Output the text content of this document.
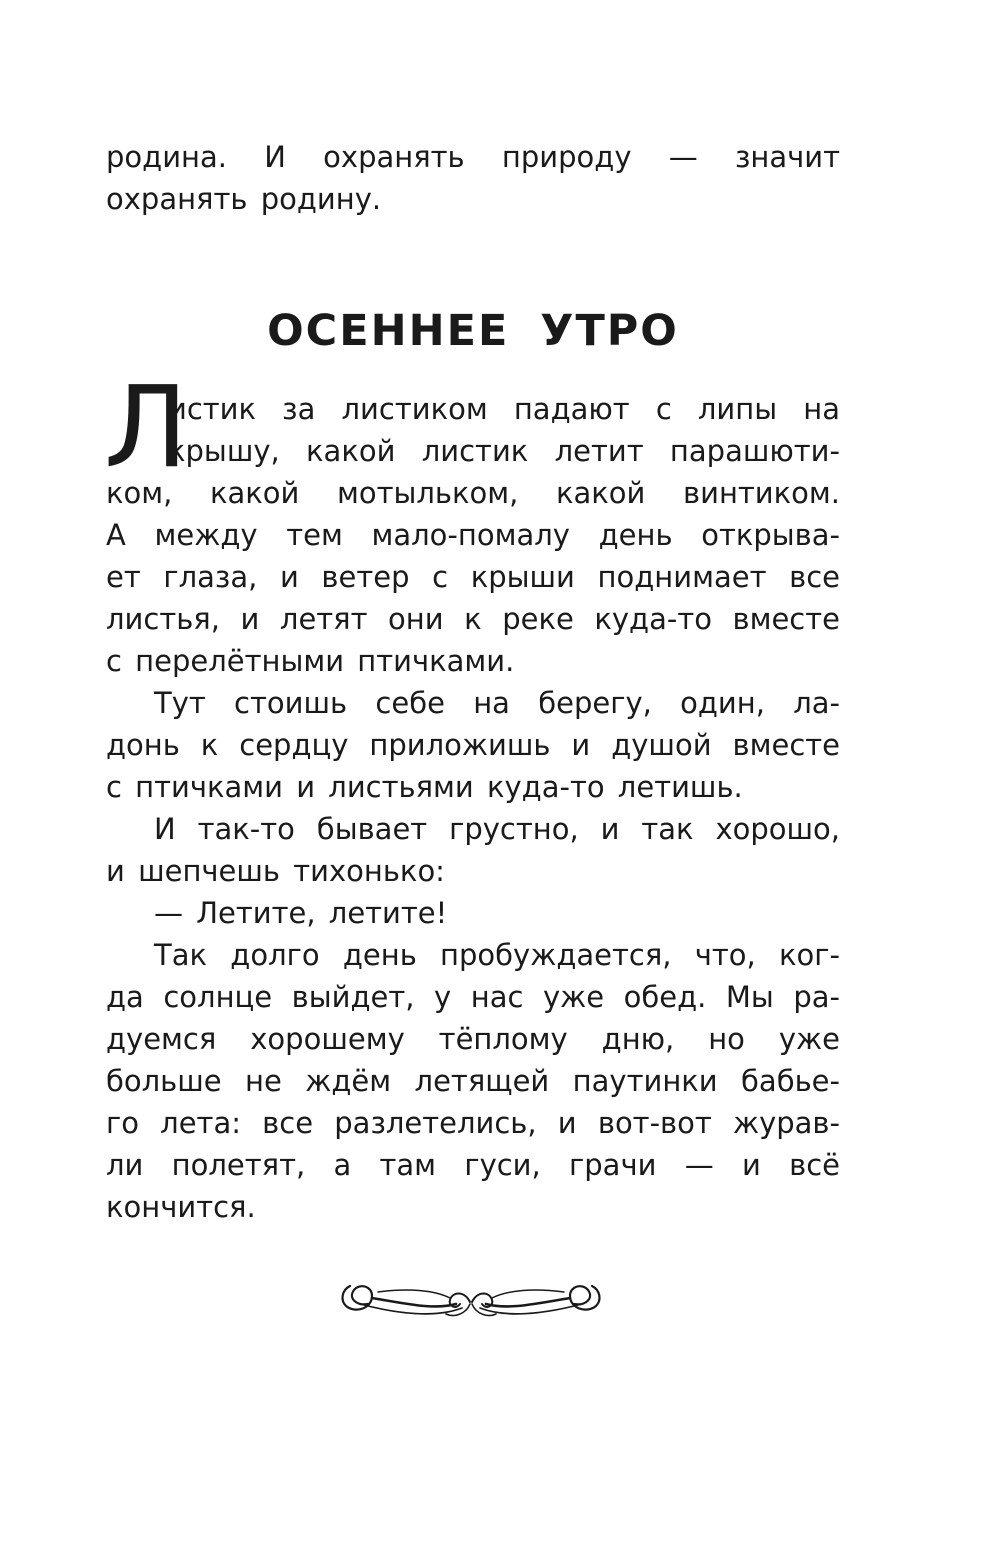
родина. И охранять природу — значит
охранять родину.
ОСЕННЕЕ УТРО
Л
истик за листиком падают с липы на
крышу, какой листик летит парашюти-
ком, какой мотыльком, какой винтиком.
А между тем мало-помалу день открыва-
ет глаза, и ветер с крыши поднимает все
листья, и летят они к реке куда-то вместе
с перелётными птичками.
Тут стоишь себе на берегу, один, ла-
донь к сердцу приложишь и душой вместе
с птичками и листьями куда-то летишь.
И так-то бывает грустно, и так хорошо,
и шепчешь тихонько:
— Летите, летите!
Так долго день пробуждается, что, ког-
да солнце выйдет, у нас уже обед. Мы ра-
дуемся хорошему тёплому дню, но уже
больше не ждём летящей паутинки бабье-
го лета: все разлетелись, и вот-вот журав-
ли полетят, а там гуси, грачи — и всё
кончится.
